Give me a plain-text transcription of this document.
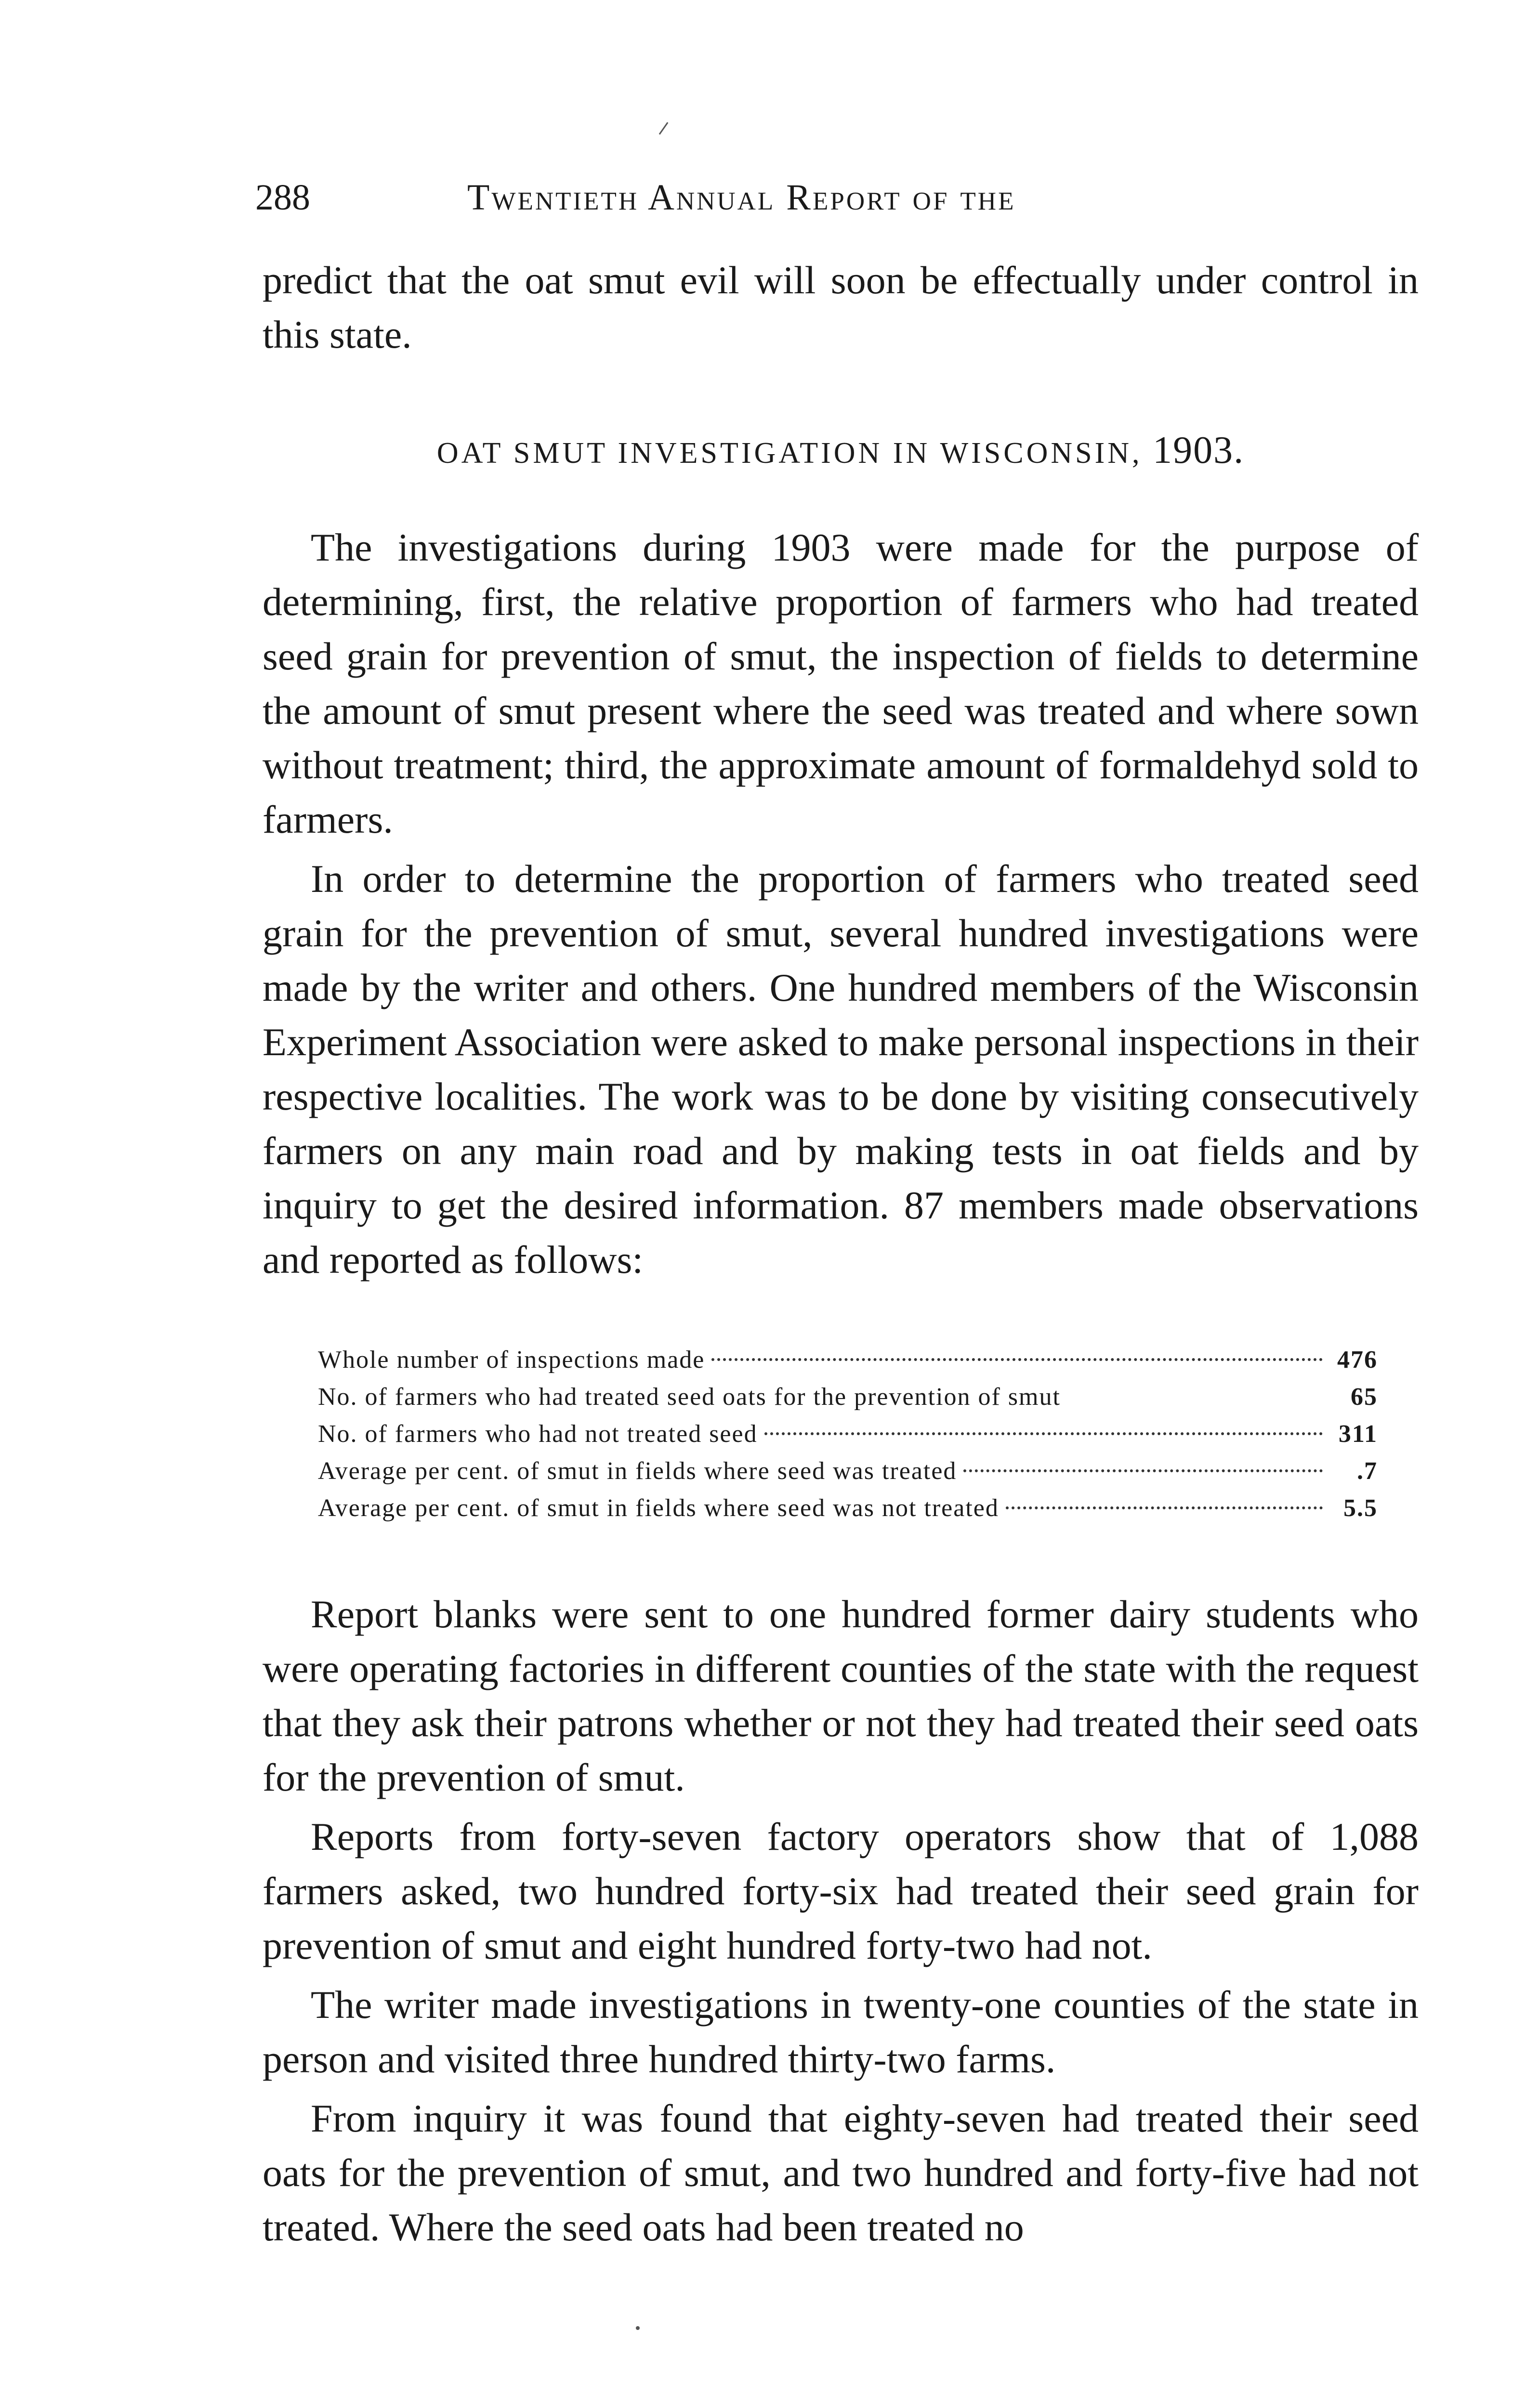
288	Twentieth Annual Report of the

predict that the oat smut evil will soon be effectually under control in this state.

OAT SMUT INVESTIGATION IN WISCONSIN, 1903.

The investigations during 1903 were made for the purpose of determining, first, the relative proportion of farmers who had treated seed grain for prevention of smut, the inspection of fields to determine the amount of smut present where the seed was treated and where sown without treatment; third, the approximate amount of formaldehyd sold to farmers.

In order to determine the proportion of farmers who treated seed grain for the prevention of smut, several hundred investigations were made by the writer and others. One hundred members of the Wisconsin Experiment Association were asked to make personal inspections in their respective localities. The work was to be done by visiting consecutively farmers on any main road and by making tests in oat fields and by inquiry to get the desired information. 87 members made observations and reported as follows:

Whole number of inspections made	476
No. of farmers who had treated seed oats for the prevention of smut	65
No. of farmers who had not treated seed	311
Average per cent. of smut in fields where seed was treated	.7
Average per cent. of smut in fields where seed was not treated	5.5

Report blanks were sent to one hundred former dairy students who were operating factories in different counties of the state with the request that they ask their patrons whether or not they had treated their seed oats for the prevention of smut.

Reports from forty-seven factory operators show that of 1,088 farmers asked, two hundred forty-six had treated their seed grain for prevention of smut and eight hundred forty-two had not.

The writer made investigations in twenty-one counties of the state in person and visited three hundred thirty-two farms.

From inquiry it was found that eighty-seven had treated their seed oats for the prevention of smut, and two hundred and forty-five had not treated. Where the seed oats had been treated no
